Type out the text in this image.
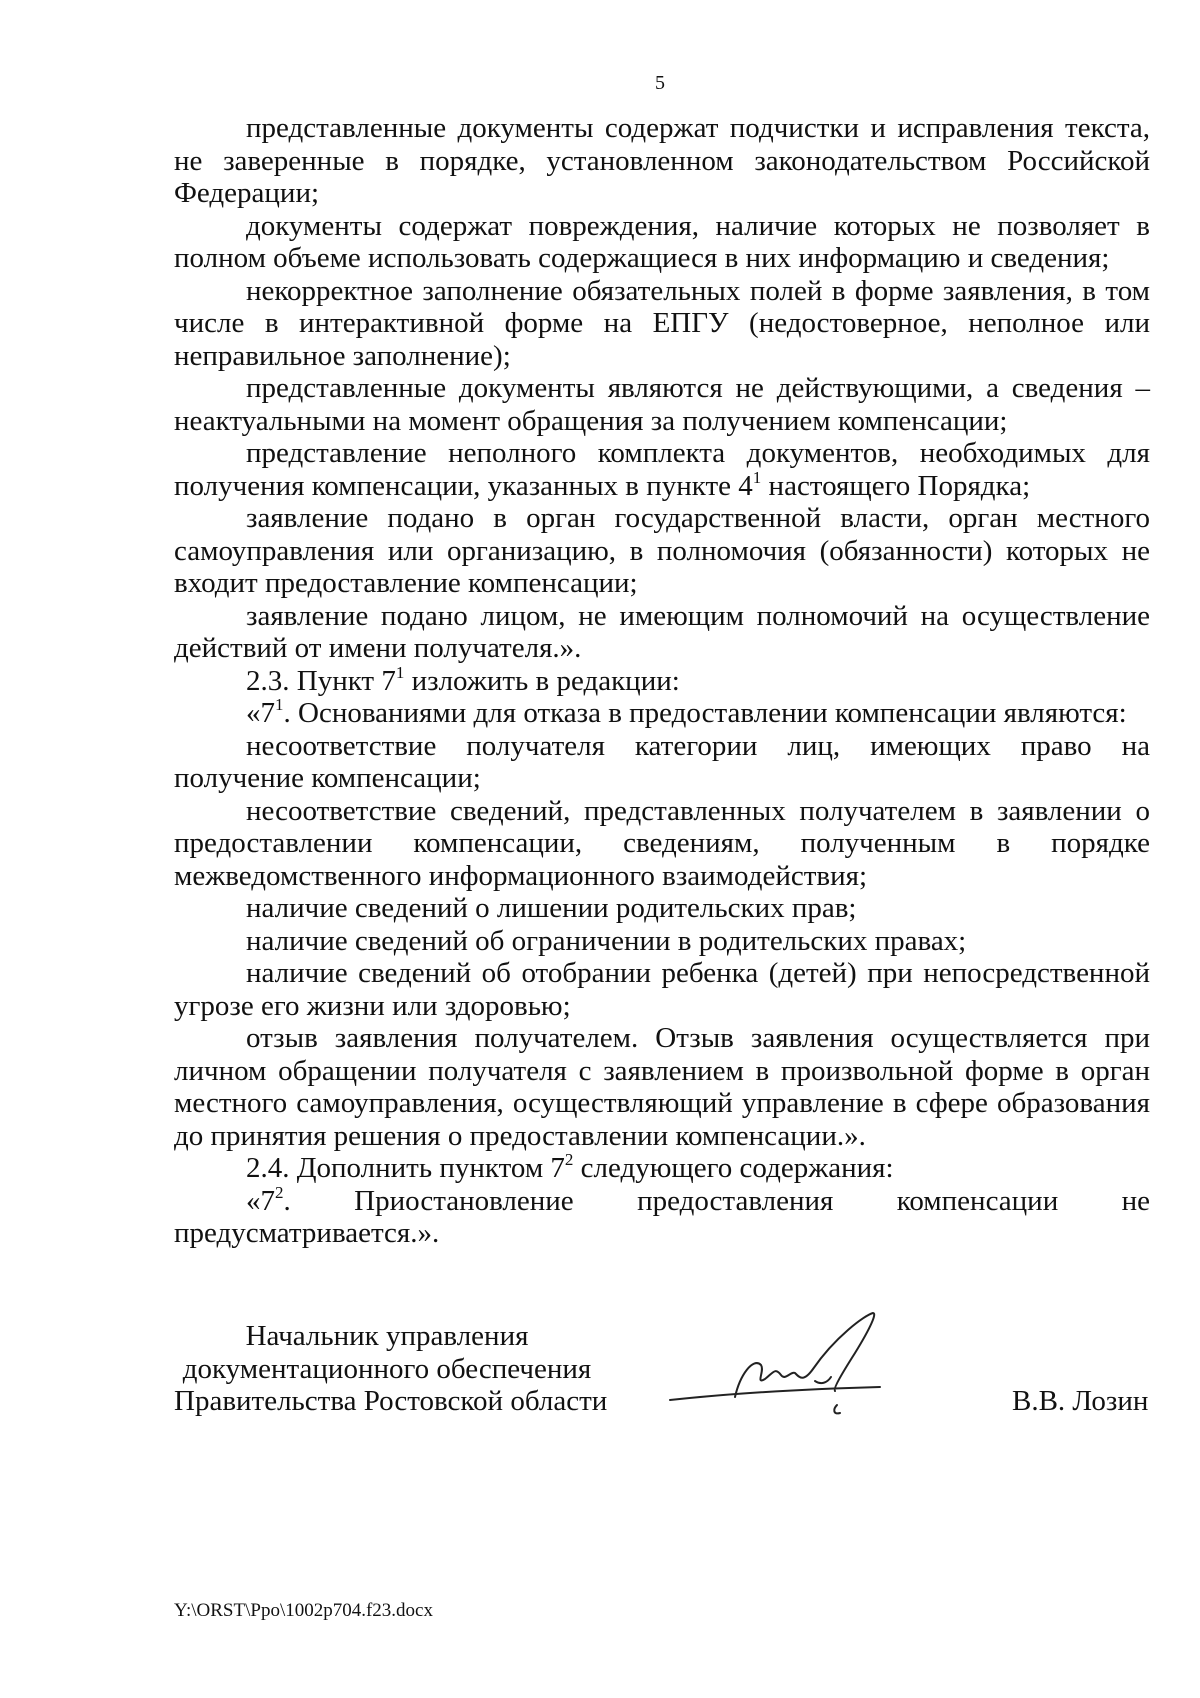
5

представленные документы содержат подчистки и исправления текста, не заверенные в порядке, установленном законодательством Российской Федерации;

документы содержат повреждения, наличие которых не позволяет в полном объеме использовать содержащиеся в них информацию и сведения;

некорректное заполнение обязательных полей в форме заявления, в том числе в интерактивной форме на ЕПГУ (недостоверное, неполное или неправильное заполнение);

представленные документы являются не действующими, а сведения – неактуальными на момент обращения за получением компенсации;

представление неполного комплекта документов, необходимых для получения компенсации, указанных в пункте $4^1$ настоящего Порядка;

заявление подано в орган государственной власти, орган местного самоуправления или организацию, в полномочия (обязанности) которых не входит предоставление компенсации;

заявление подано лицом, не имеющим полномочий на осуществление действий от имени получателя.».

2.3. Пункт $7^1$ изложить в редакции:

«$7^1$. Основаниями для отказа в предоставлении компенсации являются:

несоответствие получателя категории лиц, имеющих право на получение компенсации;

несоответствие сведений, представленных получателем в заявлении о предоставлении компенсации, сведениям, полученным в порядке межведомственного информационного взаимодействия;

наличие сведений о лишении родительских прав;

наличие сведений об ограничении в родительских правах;

наличие сведений об отобрании ребенка (детей) при непосредственной угрозе его жизни или здоровью;

отзыв заявления получателем. Отзыв заявления осуществляется при личном обращении получателя с заявлением в произвольной форме в орган местного самоуправления, осуществляющий управление в сфере образования до принятия решения о предоставлении компенсации.».

2.4. Дополнить пунктом $7^2$ следующего содержания:

«$7^2$. Приостановление предоставления компенсации не предусматривается.».

Начальник управления
документационного обеспечения
Правительства Ростовской области	В.В. Лозин
Y:\ORST\Ppo\1002p704.f23.docx
